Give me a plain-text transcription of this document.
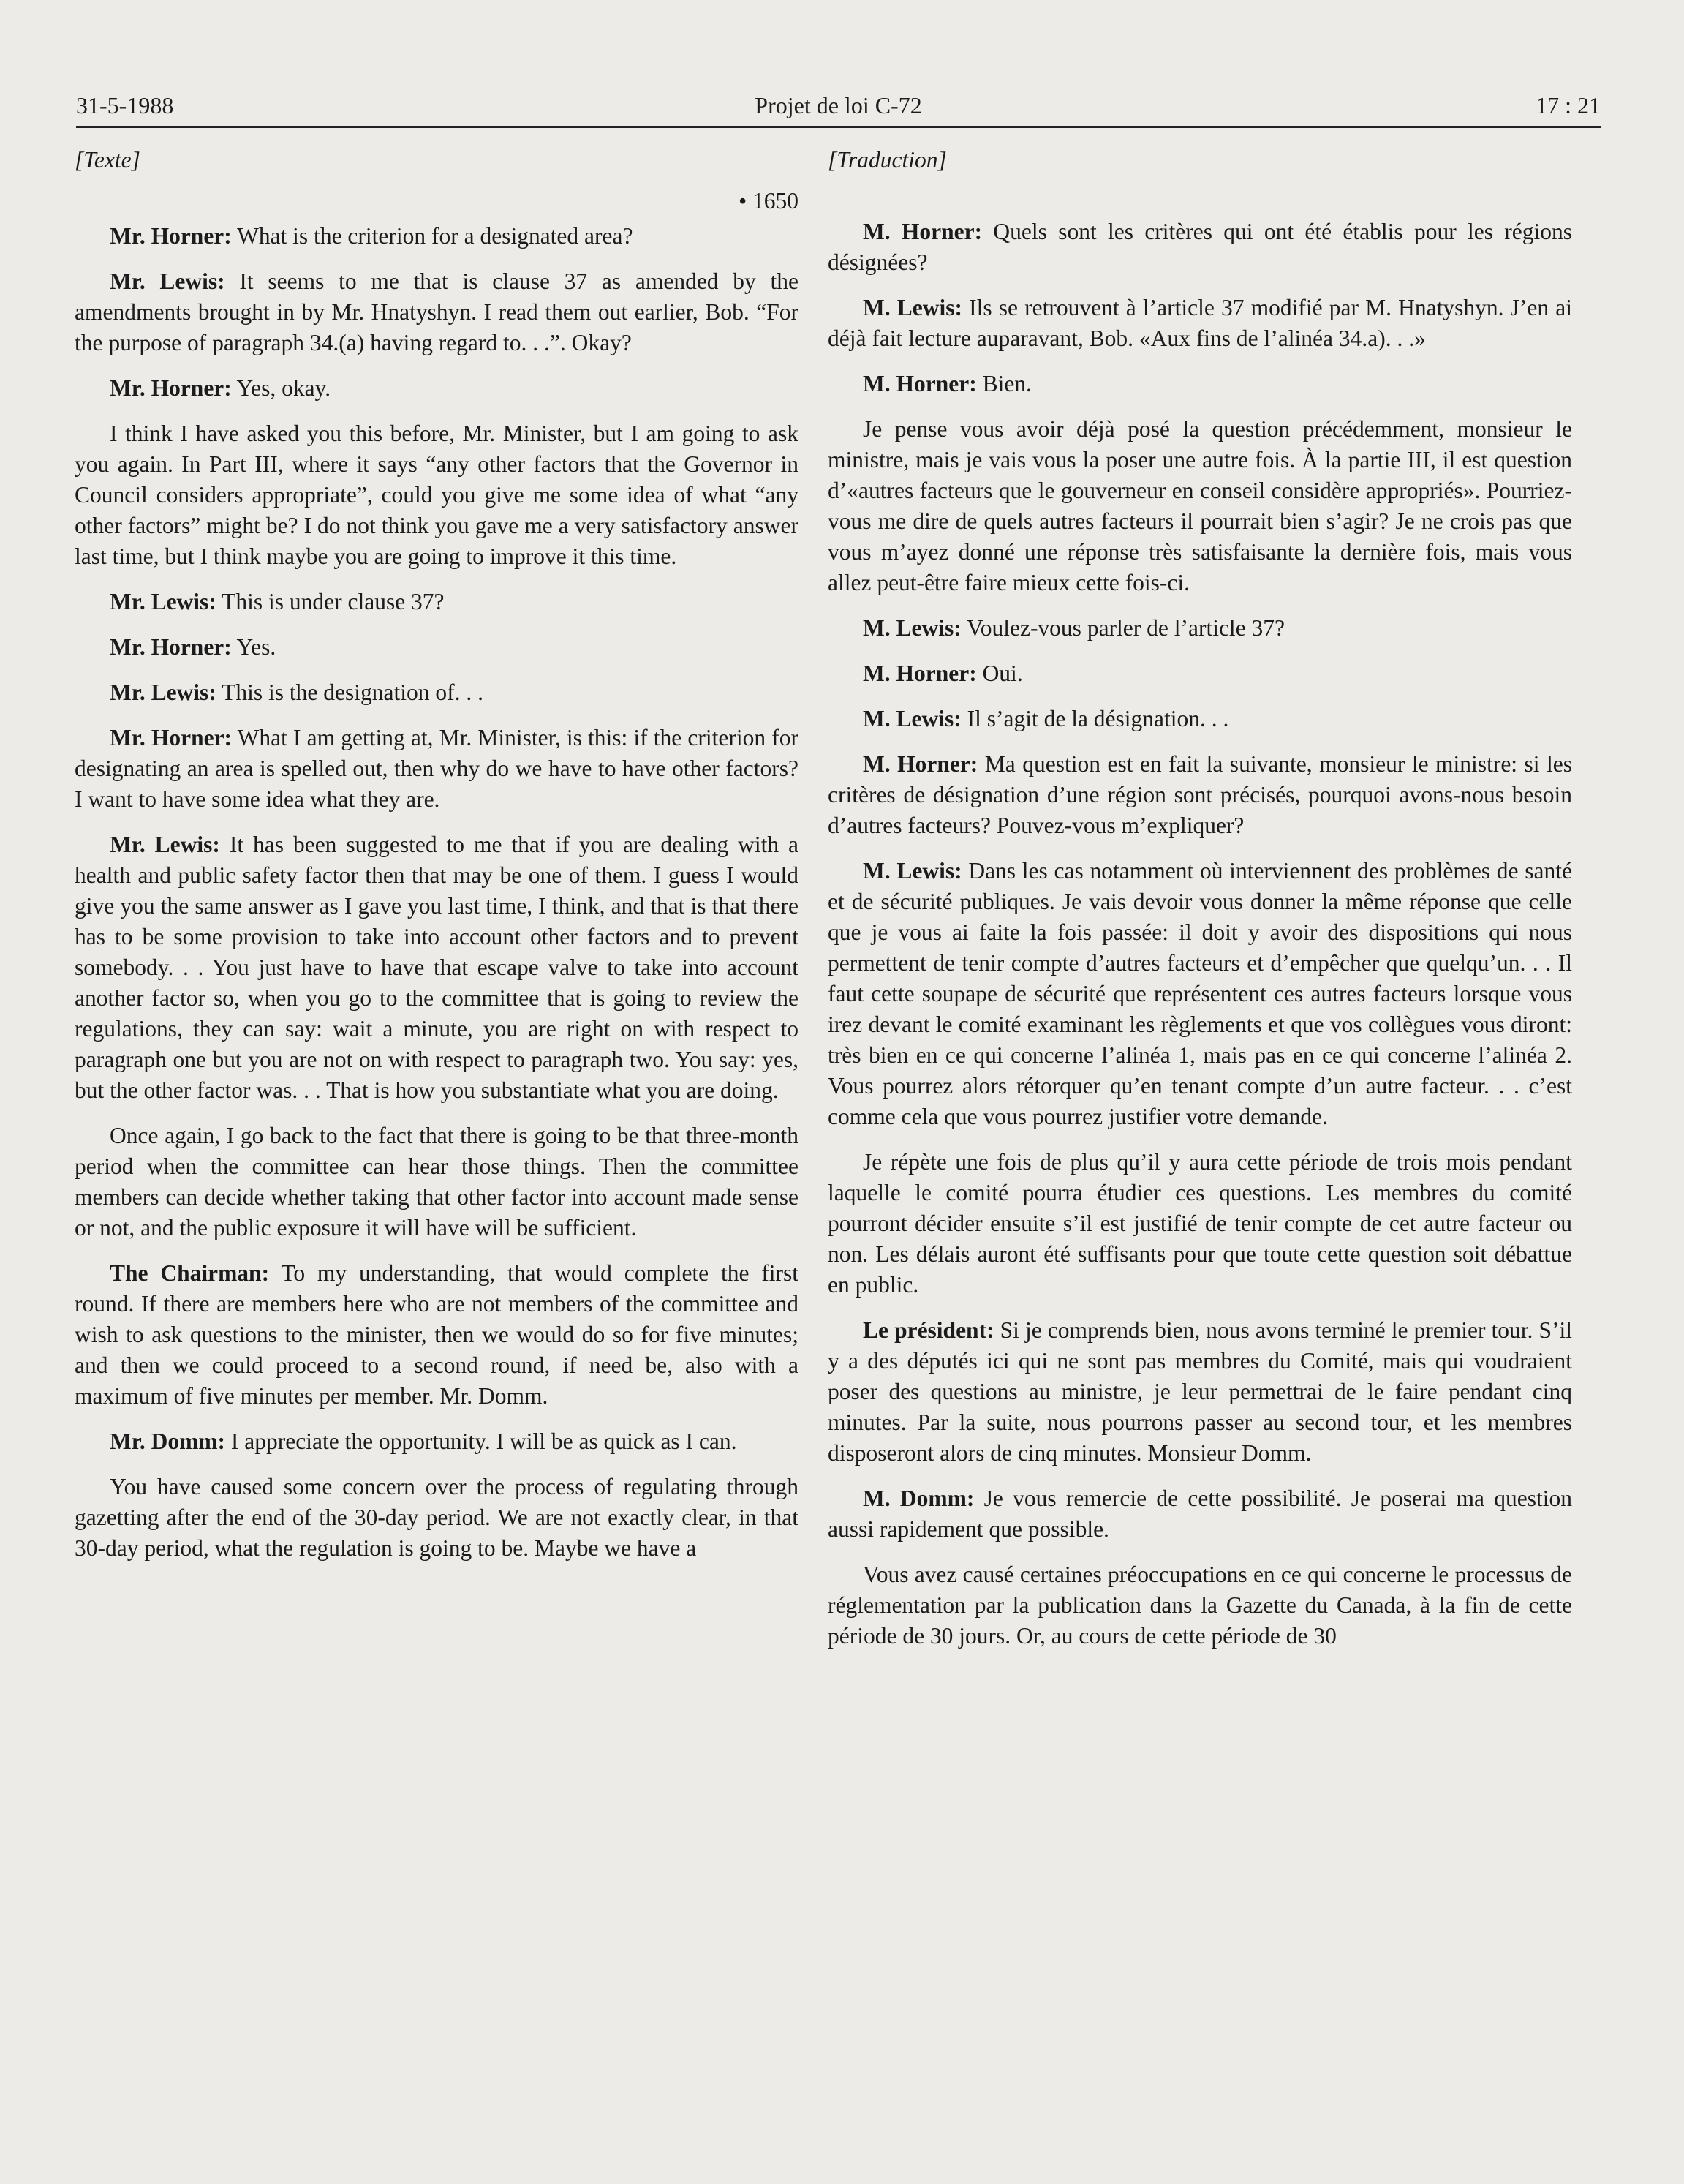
31-5-1988	Projet de loi C-72	17 : 21

[Texte]

• 1650

Mr. Horner: What is the criterion for a designated area?

Mr. Lewis: It seems to me that is clause 37 as amended by the amendments brought in by Mr. Hnatyshyn. I read them out earlier, Bob. “For the purpose of paragraph 34.(a) having regard to. . .”. Okay?

Mr. Horner: Yes, okay.

I think I have asked you this before, Mr. Minister, but I am going to ask you again. In Part III, where it says “any other factors that the Governor in Council considers appropriate”, could you give me some idea of what “any other factors” might be? I do not think you gave me a very satisfactory answer last time, but I think maybe you are going to improve it this time.

Mr. Lewis: This is under clause 37?

Mr. Horner: Yes.

Mr. Lewis: This is the designation of. . .

Mr. Horner: What I am getting at, Mr. Minister, is this: if the criterion for designating an area is spelled out, then why do we have to have other factors? I want to have some idea what they are.

Mr. Lewis: It has been suggested to me that if you are dealing with a health and public safety factor then that may be one of them. I guess I would give you the same answer as I gave you last time, I think, and that is that there has to be some provision to take into account other factors and to prevent somebody. . . You just have to have that escape valve to take into account another factor so, when you go to the committee that is going to review the regulations, they can say: wait a minute, you are right on with respect to paragraph one but you are not on with respect to paragraph two. You say: yes, but the other factor was. . . That is how you substantiate what you are doing.

Once again, I go back to the fact that there is going to be that three-month period when the committee can hear those things. Then the committee members can decide whether taking that other factor into account made sense or not, and the public exposure it will have will be sufficient.

The Chairman: To my understanding, that would complete the first round. If there are members here who are not members of the committee and wish to ask questions to the minister, then we would do so for five minutes; and then we could proceed to a second round, if need be, also with a maximum of five minutes per member. Mr. Domm.

Mr. Domm: I appreciate the opportunity. I will be as quick as I can.

You have caused some concern over the process of regulating through gazetting after the end of the 30-day period. We are not exactly clear, in that 30-day period, what the regulation is going to be. Maybe we have a

[Traduction]

M. Horner: Quels sont les critères qui ont été établis pour les régions désignées?

M. Lewis: Ils se retrouvent à l’article 37 modifié par M. Hnatyshyn. J’en ai déjà fait lecture auparavant, Bob. «Aux fins de l’alinéa 34.a). . .»

M. Horner: Bien.

Je pense vous avoir déjà posé la question précédemment, monsieur le ministre, mais je vais vous la poser une autre fois. À la partie III, il est question d’«autres facteurs que le gouverneur en conseil considère appropriés». Pourriez-vous me dire de quels autres facteurs il pourrait bien s’agir? Je ne crois pas que vous m’ayez donné une réponse très satisfaisante la dernière fois, mais vous allez peut-être faire mieux cette fois-ci.

M. Lewis: Voulez-vous parler de l’article 37?

M. Horner: Oui.

M. Lewis: Il s’agit de la désignation. . .

M. Horner: Ma question est en fait la suivante, monsieur le ministre: si les critères de désignation d’une région sont précisés, pourquoi avons-nous besoin d’autres facteurs? Pouvez-vous m’expliquer?

M. Lewis: Dans les cas notamment où interviennent des problèmes de santé et de sécurité publiques. Je vais devoir vous donner la même réponse que celle que je vous ai faite la fois passée: il doit y avoir des dispositions qui nous permettent de tenir compte d’autres facteurs et d’empêcher que quelqu’un. . . Il faut cette soupape de sécurité que représentent ces autres facteurs lorsque vous irez devant le comité examinant les règlements et que vos collègues vous diront: très bien en ce qui concerne l’alinéa 1, mais pas en ce qui concerne l’alinéa 2. Vous pourrez alors rétorquer qu’en tenant compte d’un autre facteur. . . c’est comme cela que vous pourrez justifier votre demande.

Je répète une fois de plus qu’il y aura cette période de trois mois pendant laquelle le comité pourra étudier ces questions. Les membres du comité pourront décider ensuite s’il est justifié de tenir compte de cet autre facteur ou non. Les délais auront été suffisants pour que toute cette question soit débattue en public.

Le président: Si je comprends bien, nous avons terminé le premier tour. S’il y a des députés ici qui ne sont pas membres du Comité, mais qui voudraient poser des questions au ministre, je leur permettrai de le faire pendant cinq minutes. Par la suite, nous pourrons passer au second tour, et les membres disposeront alors de cinq minutes. Monsieur Domm.

M. Domm: Je vous remercie de cette possibilité. Je poserai ma question aussi rapidement que possible.

Vous avez causé certaines préoccupations en ce qui concerne le processus de réglementation par la publication dans la Gazette du Canada, à la fin de cette période de 30 jours. Or, au cours de cette période de 30
